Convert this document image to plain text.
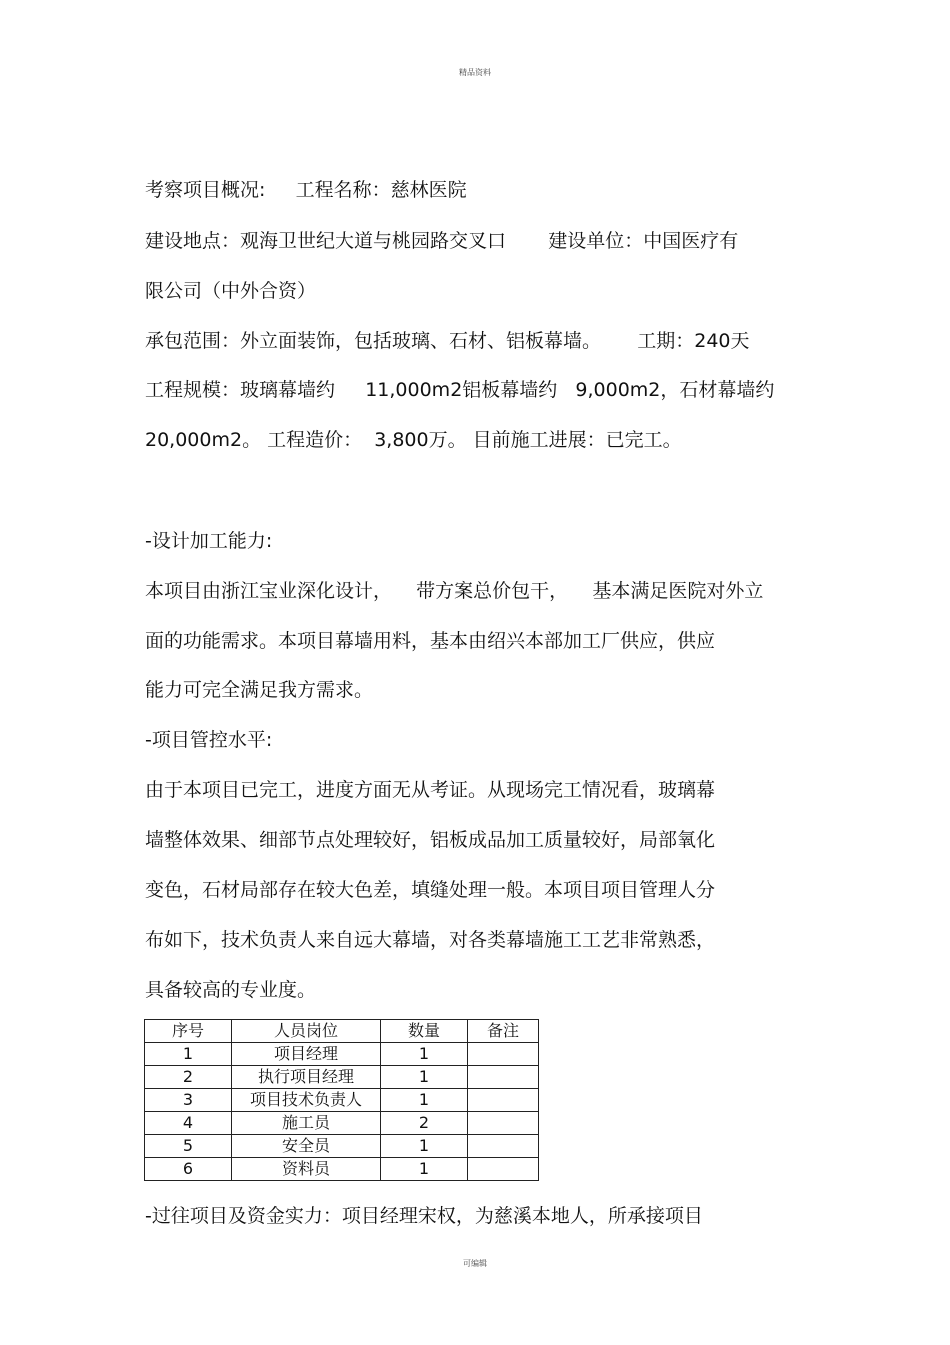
精品资料
考察项目概况:     工程名称：慈林医院
建设地点：观海卫世纪大道与桃园路交叉口       建设单位：中国医疗有
限公司（中外合资）
承包范围：外立面装饰，包括玻璃、石材、铝板幕墙。      工期：240天
工程规模：玻璃幕墙约     11,000m2铝板幕墙约   9,000m2，石材幕墙约
20,000m2。 工程造价：  3,800万。 目前施工进展：已完工。
-设计加工能力:
本项目由浙江宝业深化设计，    带方案总价包干，    基本满足医院对外立
面的功能需求。本项目幕墙用料，基本由绍兴本部加工厂供应，供应
能力可完全满足我方需求。
-项目管控水平:
由于本项目已完工，进度方面无从考证。从现场完工情况看，玻璃幕
墙整体效果、细部节点处理较好，铝板成品加工质量较好，局部氧化
变色，石材局部存在较大色差，填缝处理一般。本项目项目管理人分
布如下，技术负责人来自远大幕墙，对各类幕墙施工工艺非常熟悉，
具备较高的专业度。
序号	人员岗位	数量	备注
1	项目经理	1	
2	执行项目经理	1	
3	项目技术负责人	1	
4	施工员	2	
5	安全员	1	
6	资料员	1	
-过往项目及资金实力：项目经理宋权，为慈溪本地人，所承接项目
可编辑
